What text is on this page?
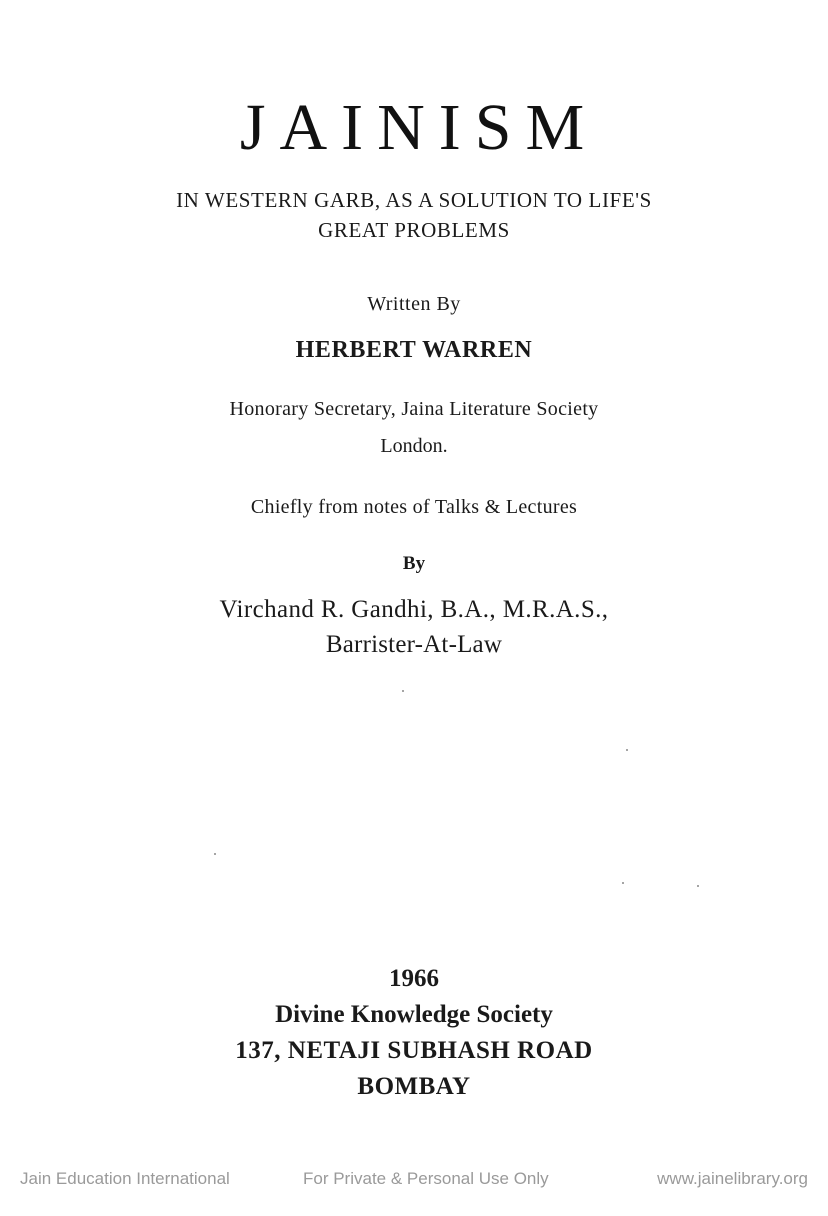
JAINISM
IN WESTERN GARB, AS A SOLUTION TO LIFE'S
GREAT PROBLEMS
Written By
HERBERT WARREN
Honorary Secretary, Jaina Literature Society
London.
Chiefly from notes of Talks & Lectures
By
Virchand R. Gandhi, B.A., M.R.A.S.,
Barrister-At-Law
1966
Divine Knowledge Society
137, NETAJI SUBHASH ROAD
BOMBAY
Jain Education International	For Private & Personal Use Only	www.jainelibrary.org
